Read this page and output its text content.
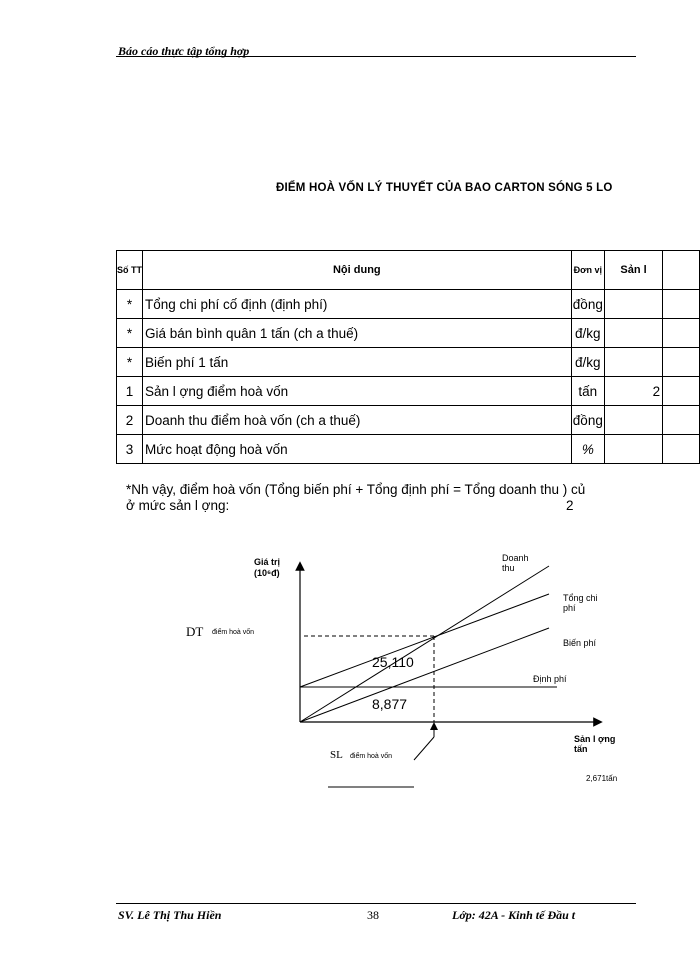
Báo cáo thực tập tổng hợp
ĐIỂM HOÀ VỐN LÝ THUYẾT CỦA BAO CARTON SÓNG 5 LO
Số TT	Nội dung	Đơn vị	Sản l	
*	Tổng chi phí cố định (định phí)	đồng		
*	Giá bán bình quân 1 tấn (ch a thuế)	đ/kg		
*	Biến phí 1 tấn	đ/kg		
1	Sản l ợng điểm hoà vốn	tấn	2	
2	Doanh thu điểm hoà vốn (ch a thuế)	đồng		
3	Mức hoạt động hoà vốn	%		
*Nh vậy, điểm hoà vốn (Tổng biến phí + Tổng định phí = Tổng doanh thu ) củ
ở mức sản l ợng:	2
Giá trị
(10⁶đ)
Doanh
thu
Tổng chi
phí
Biến phí
Định phí
DT điểm hoà vốn
25,110
8,877
Sản l ợng
tấn
SL điểm hoà vốn
2,671tấn
SV. Lê Thị Thu Hiền	38	Lớp: 42A - Kinh tế Đầu t
